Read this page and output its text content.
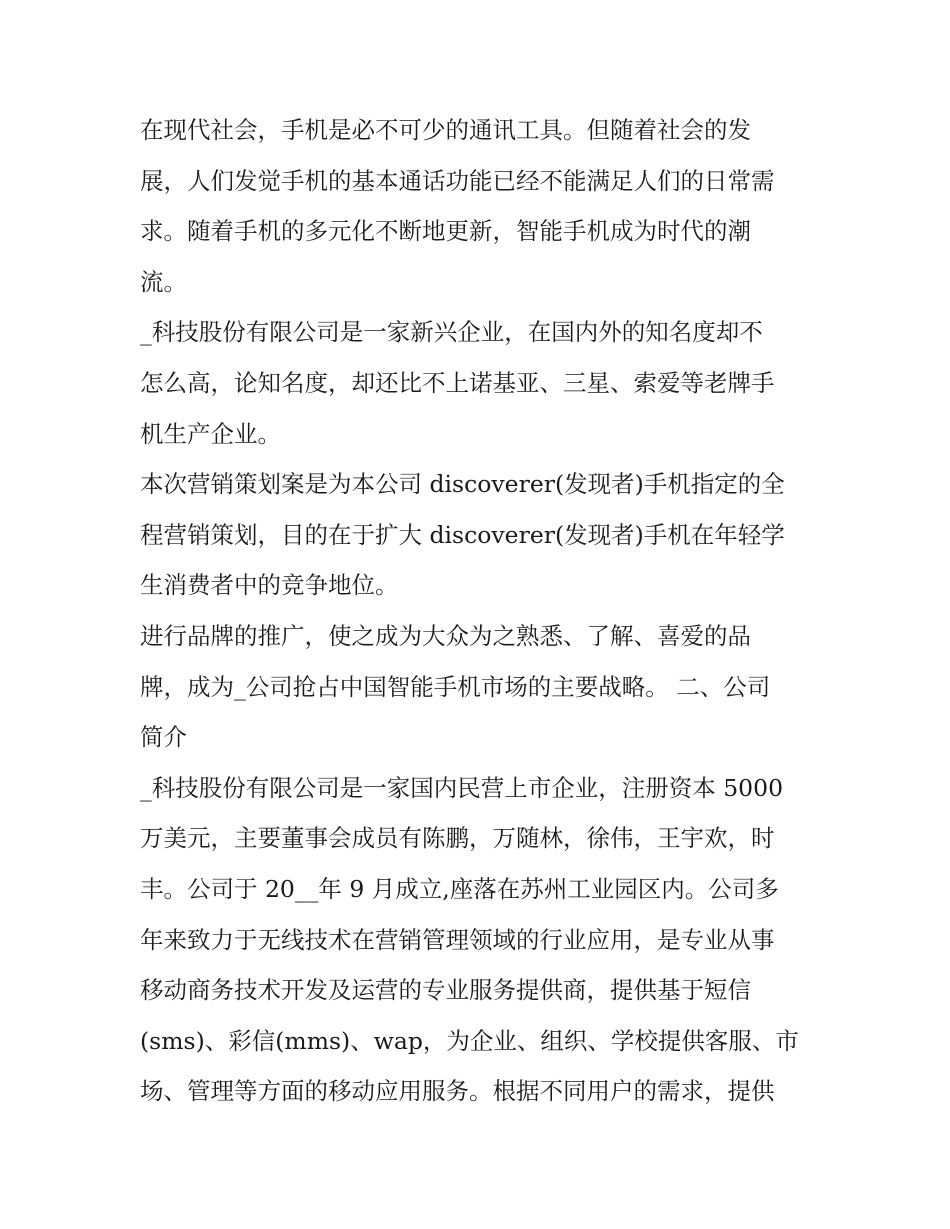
在现代社会，手机是必不可少的通讯工具。但随着社会的发
展，人们发觉手机的基本通话功能已经不能满足人们的日常需
求。随着手机的多元化不断地更新，智能手机成为时代的潮
流。
_科技股份有限公司是一家新兴企业，在国内外的知名度却不
怎么高，论知名度，却还比不上诺基亚、三星、索爱等老牌手
机生产企业。
本次营销策划案是为本公司 discoverer(发现者)手机指定的全
程营销策划，目的在于扩大 discoverer(发现者)手机在年轻学
生消费者中的竞争地位。
进行品牌的推广，使之成为大众为之熟悉、了解、喜爱的品
牌，成为_公司抢占中国智能手机市场的主要战略。 二、公司
简介
_科技股份有限公司是一家国内民营上市企业，注册资本 5000
万美元，主要董事会成员有陈鹏，万随林，徐伟，王宇欢，时
丰。公司于 20__年 9 月成立,座落在苏州工业园区内。公司多
年来致力于无线技术在营销管理领域的行业应用，是专业从事
移动商务技术开发及运营的专业服务提供商，提供基于短信
(sms)、彩信(mms)、wap，为企业、组织、学校提供客服、市
场、管理等方面的移动应用服务。根据不同用户的需求，提供
